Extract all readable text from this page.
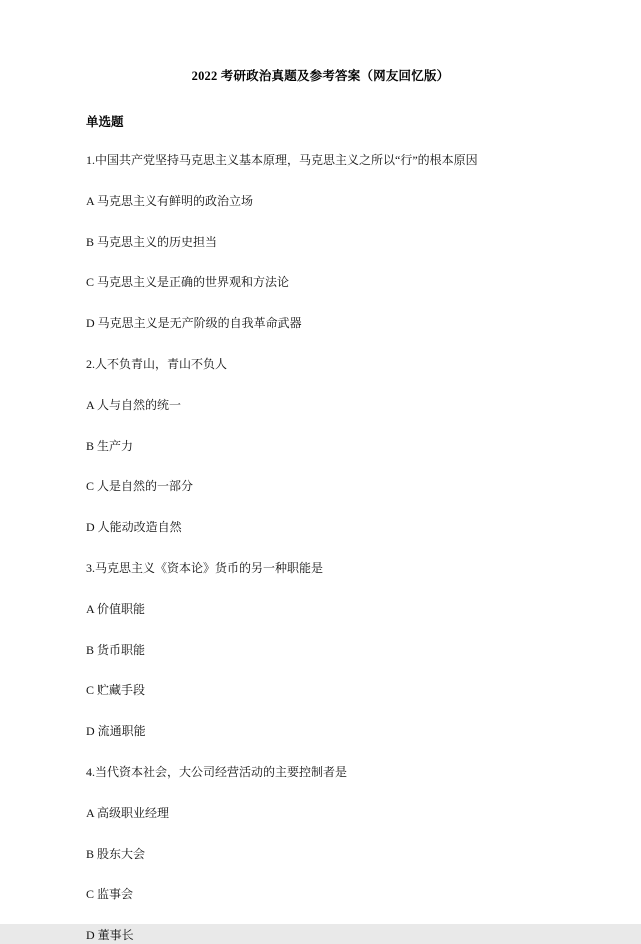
2022 考研政治真题及参考答案（网友回忆版）
单选题
1.中国共产党坚持马克思主义基本原理，马克思主义之所以“行”的根本原因
A 马克思主义有鲜明的政治立场
B 马克思主义的历史担当
C 马克思主义是正确的世界观和方法论
D 马克思主义是无产阶级的自我革命武器
2.人不负青山，青山不负人
A 人与自然的统一
B 生产力
C 人是自然的一部分
D 人能动改造自然
3.马克思主义《资本论》货币的另一种职能是
A 价值职能
B 货币职能
C 贮藏手段
D 流通职能
4.当代资本社会，大公司经营活动的主要控制者是
A 高级职业经理
B 股东大会
C 监事会
D 董事长
